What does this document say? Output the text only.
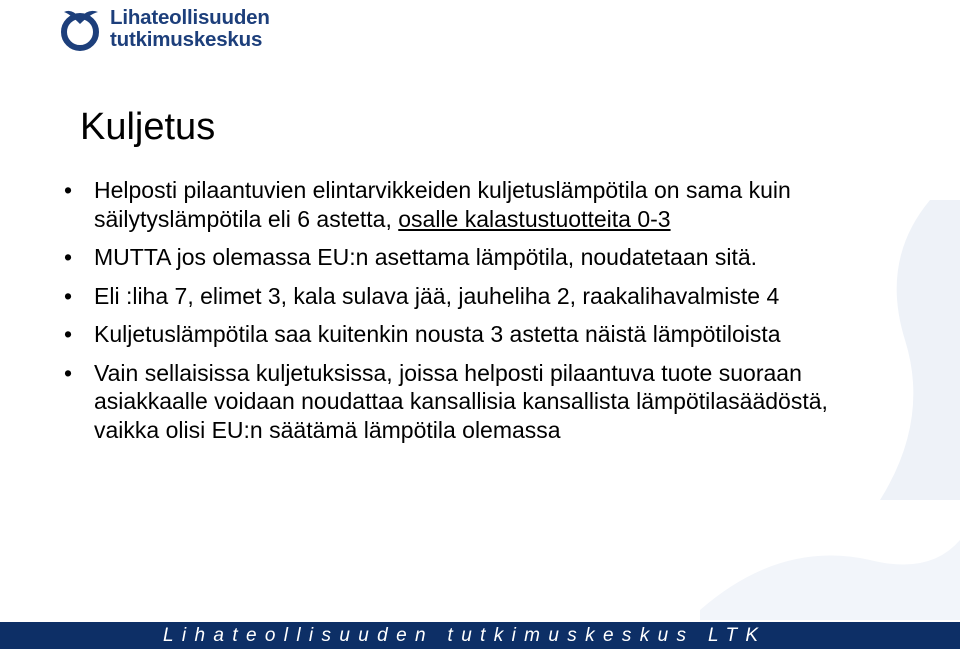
Lihateollisuuden
tutkimuskeskus
Kuljetus
• Helposti pilaantuvien elintarvikkeiden kuljetuslämpötila on sama kuin säilytyslämpötila eli 6 astetta, osalle kalastustuotteita 0-3
• MUTTA jos olemassa EU:n asettama lämpötila, noudatetaan sitä.
• Eli :liha 7, elimet 3, kala sulava jää, jauheliha 2, raakalihavalmiste 4
• Kuljetuslämpötila saa kuitenkin nousta 3 astetta näistä lämpötiloista
• Vain sellaisissa kuljetuksissa, joissa helposti pilaantuva tuote suoraan asiakkaalle voidaan noudattaa kansallisia kansallista lämpötilasäädöstä, vaikka olisi EU:n säätämä lämpötila olemassa
Lihateollisuuden tutkimuskeskus LTK
